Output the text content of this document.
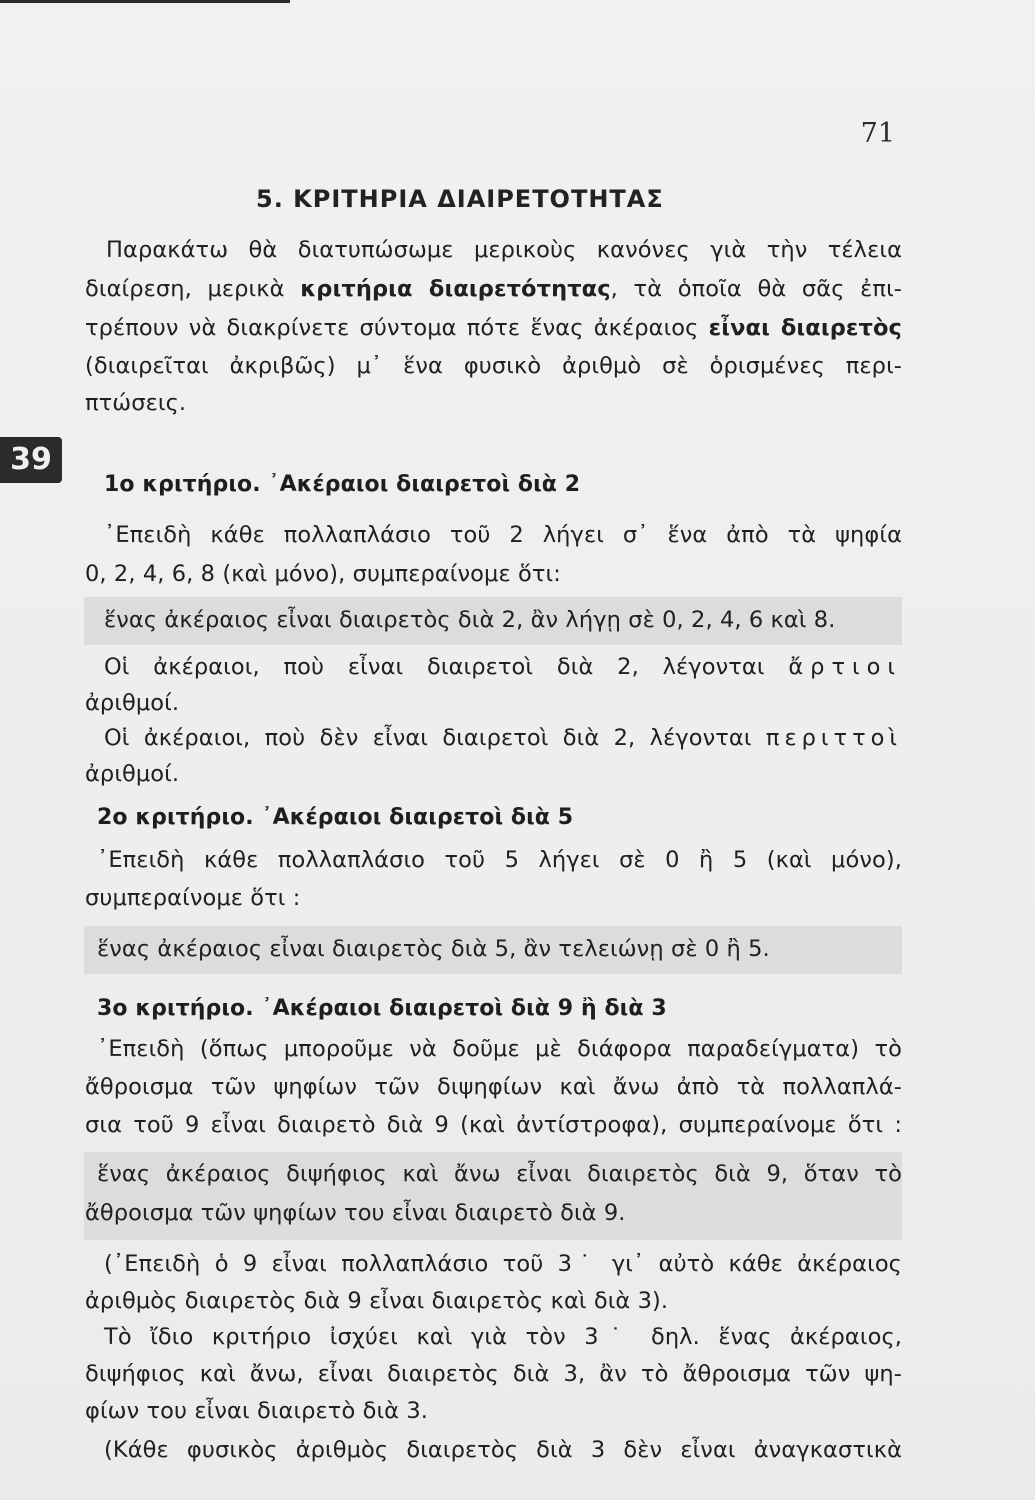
71
5. ΚΡΙΤΗΡΙΑ ΔΙΑΙΡΕΤΟΤΗΤΑΣ
Παρακάτω θὰ διατυπώσωμε μερικοὺς κανόνες γιὰ τὴν τέλεια
διαίρεση, μερικὰ κριτήρια διαιρετότητας, τὰ ὁποῖα θὰ σᾶς ἐπι-
τρέπουν νὰ διακρίνετε σύντομα πότε ἕνας ἀκέραιος εἶναι διαιρετὸς
(διαιρεῖται ἀκριβῶς) μ᾽ ἕνα φυσικὸ ἀριθμὸ σὲ ὁρισμένες περι-
πτώσεις.
39
1ο κριτήριο. ᾿Ακέραιοι διαιρετοὶ διὰ 2
᾿Επειδὴ κάθε πολλαπλάσιο τοῦ 2 λήγει σ᾽ ἕνα ἀπὸ τὰ ψηφία
0, 2, 4, 6, 8 (καὶ μόνο), συμπεραίνομε ὅτι:
ἕνας ἀκέραιος εἶναι διαιρετὸς διὰ 2, ἂν λήγῃ σὲ 0, 2, 4, 6 καὶ 8.
Οἱ ἀκέραιοι, ποὺ εἶναι διαιρετοὶ διὰ 2, λέγονται ἄρτιοι
ἀριθμοί.
Οἱ ἀκέραιοι, ποὺ δὲν εἶναι διαιρετοὶ διὰ 2, λέγονται περιττοὶ
ἀριθμοί.
2ο κριτήριο. ᾿Ακέραιοι διαιρετοὶ διὰ 5
᾿Επειδὴ κάθε πολλαπλάσιο τοῦ 5 λήγει σὲ 0 ἢ 5 (καὶ μόνο),
συμπεραίνομε ὅτι :
ἕνας ἀκέραιος εἶναι διαιρετὸς διὰ 5, ἂν τελειώνῃ σὲ 0 ἢ 5.
3ο κριτήριο. ᾿Ακέραιοι διαιρετοὶ διὰ 9 ἢ διὰ 3
᾿Επειδὴ (ὅπως μποροῦμε νὰ δοῦμε μὲ διάφορα παραδείγματα) τὸ
ἄθροισμα τῶν ψηφίων τῶν διψηφίων καὶ ἄνω ἀπὸ τὰ πολλαπλά-
σια τοῦ 9 εἶναι διαιρετὸ διὰ 9 (καὶ ἀντίστροφα), συμπεραίνομε ὅτι :
ἕνας ἀκέραιος διψήφιος καὶ ἄνω εἶναι διαιρετὸς διὰ 9, ὅταν τὸ
ἄθροισμα τῶν ψηφίων του εἶναι διαιρετὸ διὰ 9.
(᾿Επειδὴ ὁ 9 εἶναι πολλαπλάσιο τοῦ 3˙ γι᾽ αὐτὸ κάθε ἀκέραιος
ἀριθμὸς διαιρετὸς διὰ 9 εἶναι διαιρετὸς καὶ διὰ 3).
Τὸ ἴδιο κριτήριο ἰσχύει καὶ γιὰ τὸν 3˙ δηλ. ἕνας ἀκέραιος,
διψήφιος καὶ ἄνω, εἶναι διαιρετὸς διὰ 3, ἂν τὸ ἄθροισμα τῶν ψη-
φίων του εἶναι διαιρετὸ διὰ 3.
(Κάθε φυσικὸς ἀριθμὸς διαιρετὸς διὰ 3 δὲν εἶναι ἀναγκαστικὰ
